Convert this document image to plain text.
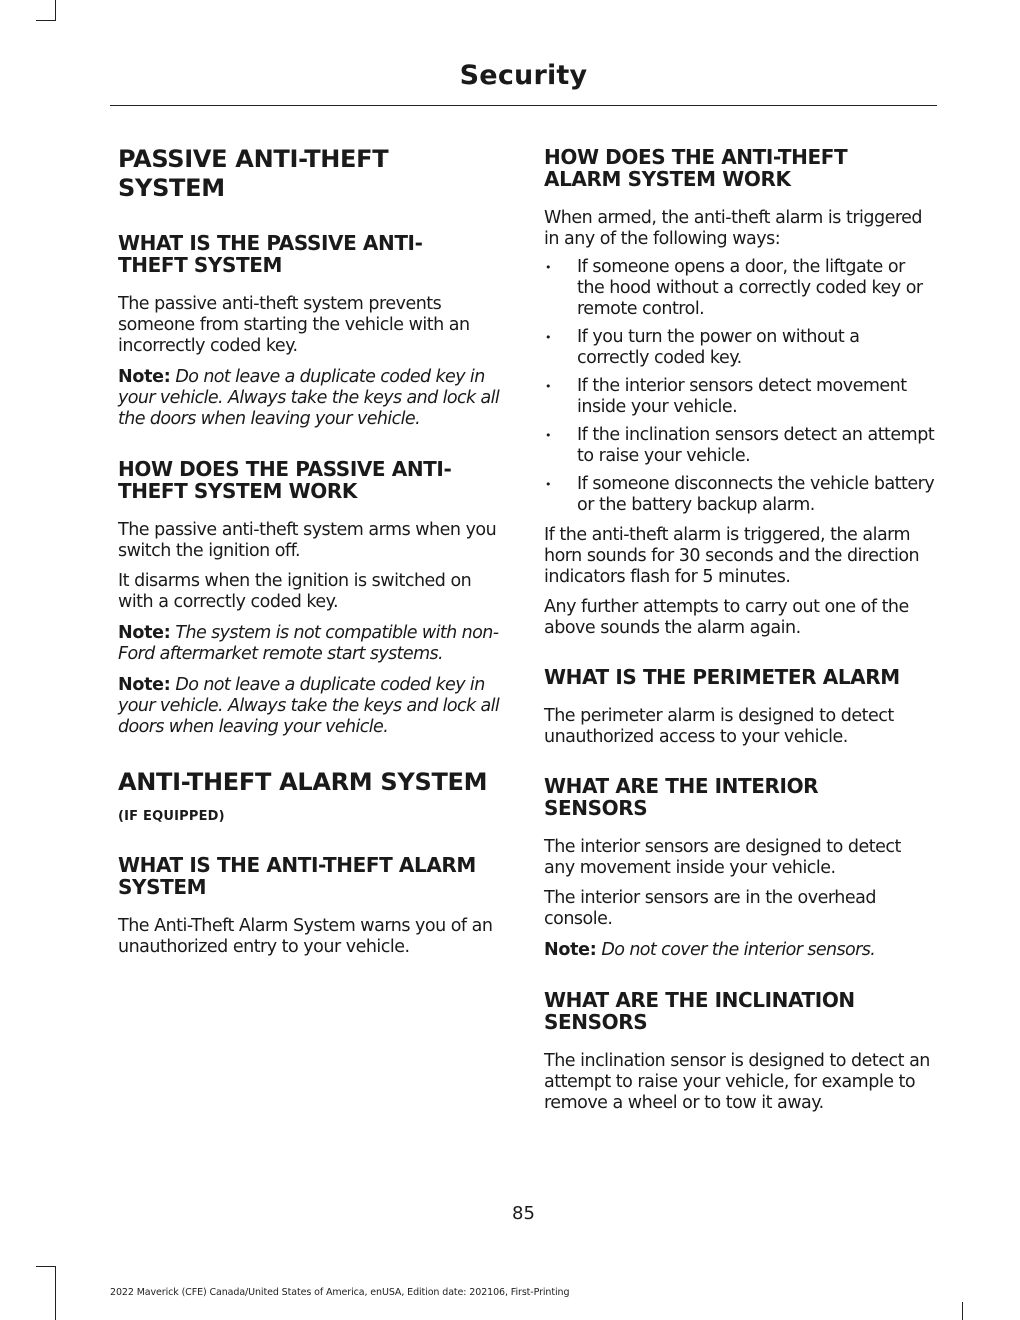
Security
PASSIVE ANTI-THEFT SYSTEM
WHAT IS THE PASSIVE ANTI-THEFT SYSTEM

The passive anti-theft system prevents someone from starting the vehicle with an incorrectly coded key.

Note: Do not leave a duplicate coded key in your vehicle. Always take the keys and lock all the doors when leaving your vehicle.

HOW DOES THE PASSIVE ANTI-THEFT SYSTEM WORK

The passive anti-theft system arms when you switch the ignition off.

It disarms when the ignition is switched on with a correctly coded key.

Note: The system is not compatible with non-Ford aftermarket remote start systems.

Note: Do not leave a duplicate coded key in your vehicle. Always take the keys and lock all doors when leaving your vehicle.

ANTI-THEFT ALARM SYSTEM
(IF EQUIPPED)
WHAT IS THE ANTI-THEFT ALARM SYSTEM

The Anti-Theft Alarm System warns you of an unauthorized entry to your vehicle.

HOW DOES THE ANTI-THEFT ALARM SYSTEM WORK

When armed, the anti-theft alarm is triggered in any of the following ways:

• If someone opens a door, the liftgate or the hood without a correctly coded key or remote control.
• If you turn the power on without a correctly coded key.
• If the interior sensors detect movement inside your vehicle.
• If the inclination sensors detect an attempt to raise your vehicle.
• If someone disconnects the vehicle battery or the battery backup alarm.

If the anti-theft alarm is triggered, the alarm horn sounds for 30 seconds and the direction indicators flash for 5 minutes.

Any further attempts to carry out one of the above sounds the alarm again.

WHAT IS THE PERIMETER ALARM

The perimeter alarm is designed to detect unauthorized access to your vehicle.

WHAT ARE THE INTERIOR SENSORS

The interior sensors are designed to detect any movement inside your vehicle.

The interior sensors are in the overhead console.

Note: Do not cover the interior sensors.

WHAT ARE THE INCLINATION SENSORS

The inclination sensor is designed to detect an attempt to raise your vehicle, for example to remove a wheel or to tow it away.

85
2022 Maverick (CFE) Canada/United States of America, enUSA, Edition date: 202106, First-Printing
